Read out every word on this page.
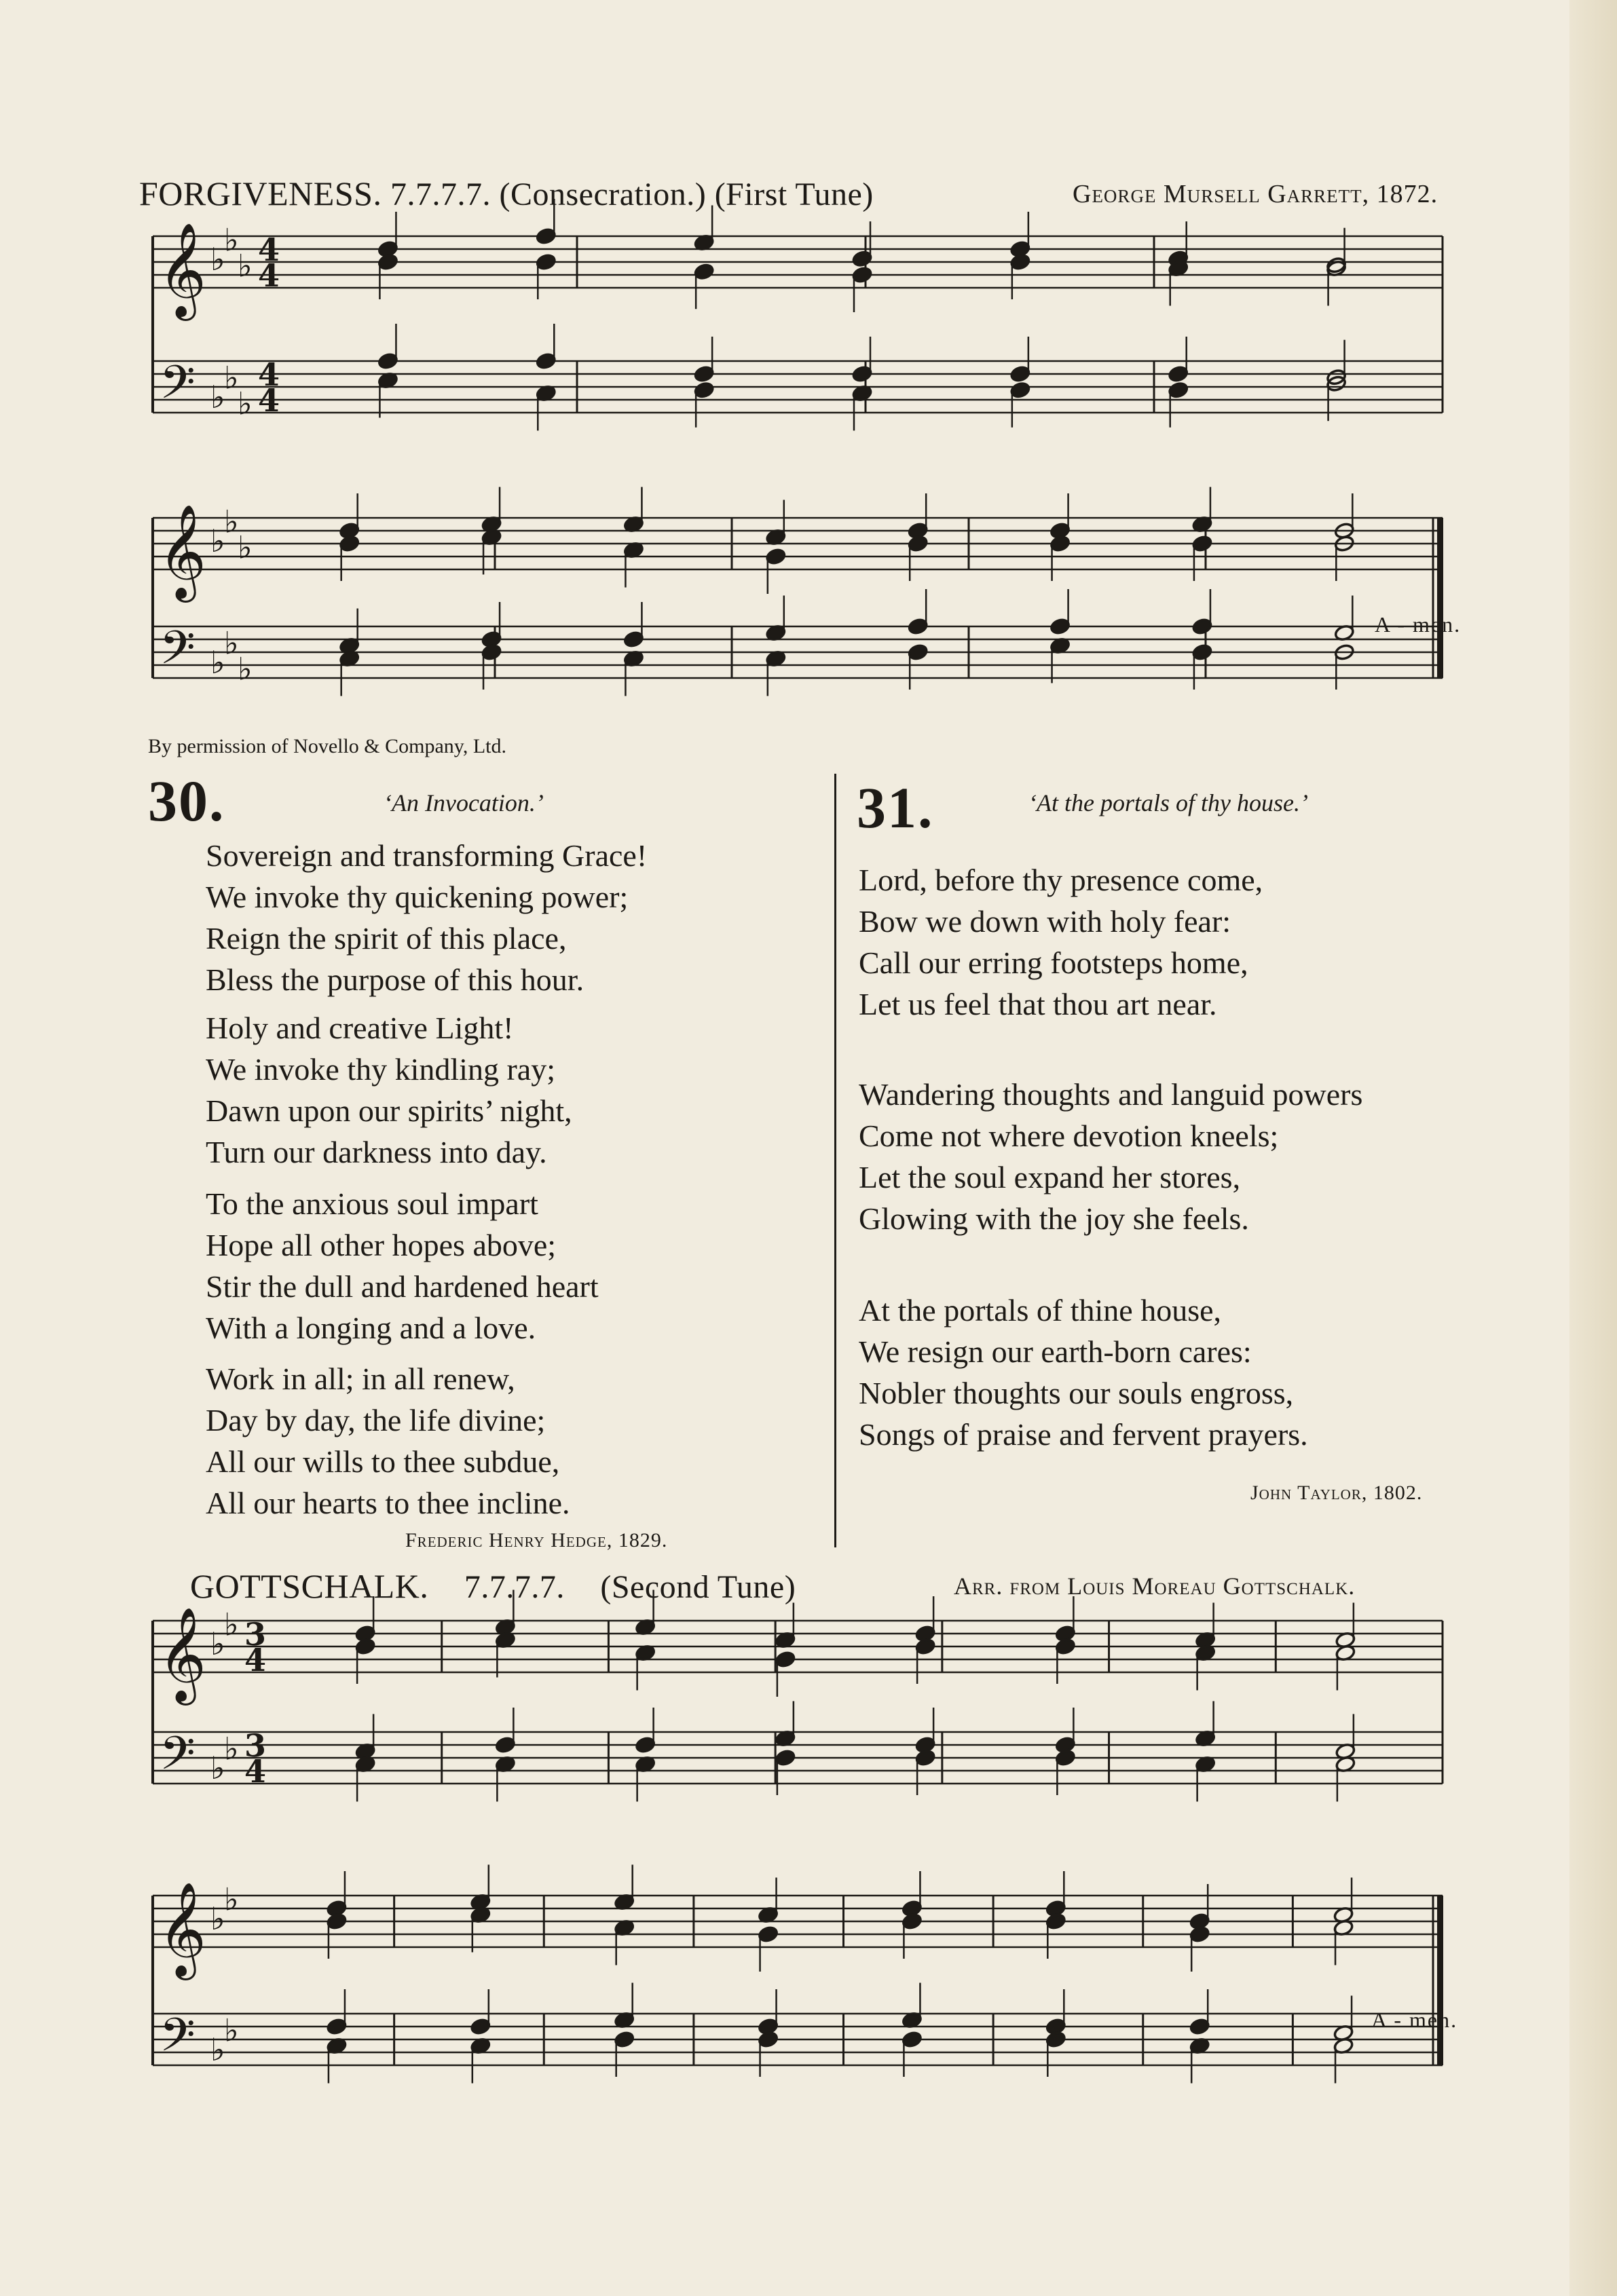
FORGIVENESS. 7.7.7.7. (Consecration.) (First Tune)	George Mursell Garrett, 1872.
𝄞
𝄢
♭
♭
♭
♭
♭
♭
4
4
4
4
𝄞
𝄢
♭
♭
♭
♭
♭
♭
A - men.
By permission of Novello & Company, Ltd.
30.	‘An Invocation.’
Sovereign and transforming Grace!
We invoke thy quickening power;
Reign the spirit of this place,
Bless the purpose of this hour.
Holy and creative Light!
We invoke thy kindling ray;
Dawn upon our spirits’ night,
Turn our darkness into day.
To the anxious soul impart
Hope all other hopes above;
Stir the dull and hardened heart
With a longing and a love.
Work in all; in all renew,
Day by day, the life divine;
All our wills to thee subdue,
All our hearts to thee incline.
Frederic Henry Hedge, 1829.
31.	‘At the portals of thy house.’
Lord, before thy presence come,
Bow we down with holy fear:
Call our erring footsteps home,
Let us feel that thou art near.
Wandering thoughts and languid powers
Come not where devotion kneels;
Let the soul expand her stores,
Glowing with the joy she feels.
At the portals of thine house,
We resign our earth-born cares:
Nobler thoughts our souls engross,
Songs of praise and fervent prayers.
John Taylor, 1802.
GOTTSCHALK. 7.7.7.7. (Second Tune)	Arr. from Louis Moreau Gottschalk.
𝄞
𝄢
♭
♭
♭
♭
3
4
3
4
𝄞
𝄢
♭
♭
♭
♭	A - men.
